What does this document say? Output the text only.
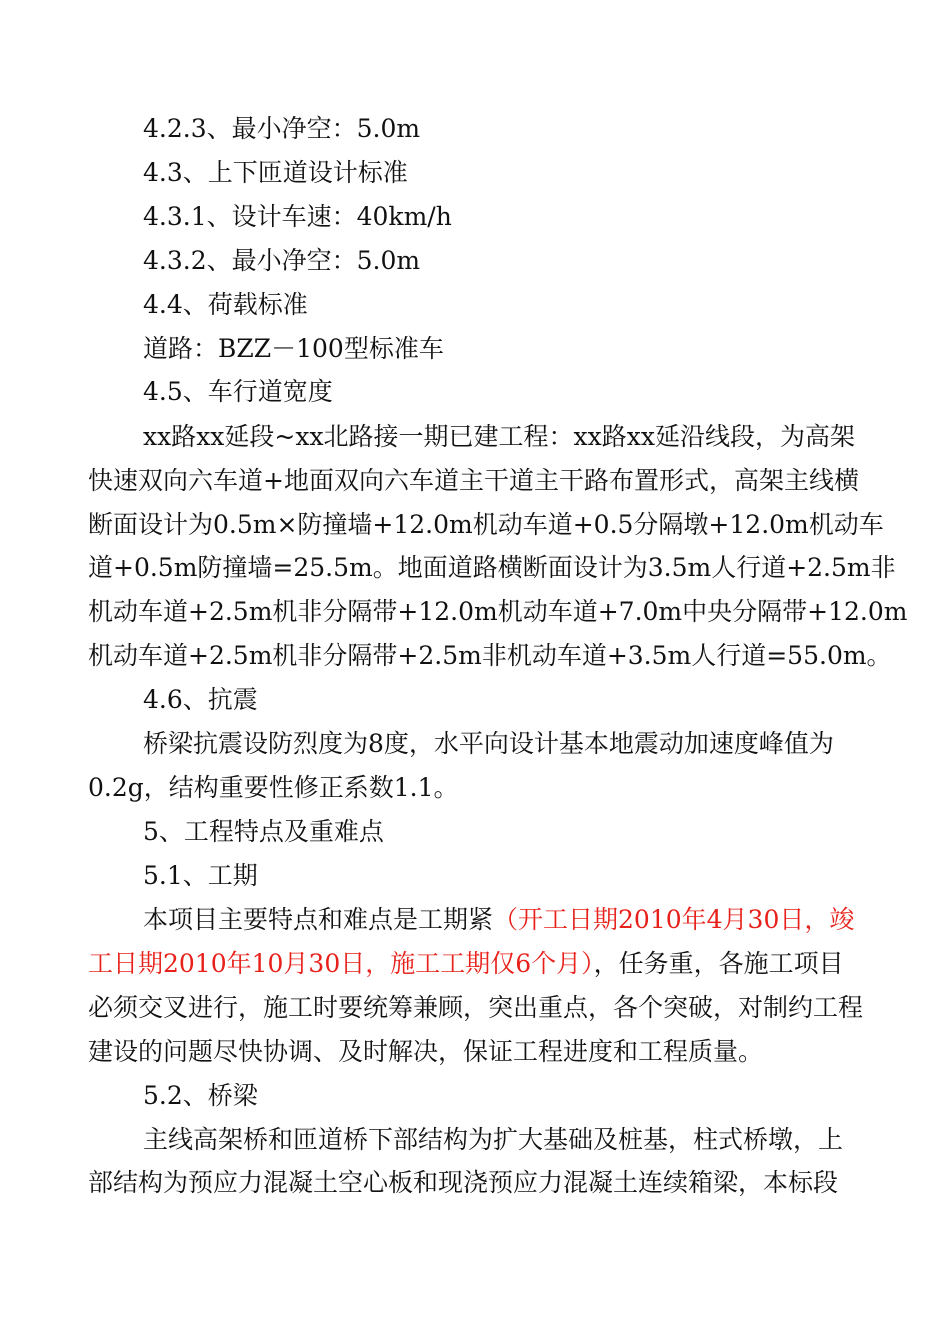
4.2.3、最小净空：5.0m
4.3、上下匝道设计标准
4.3.1、设计车速：40km/h
4.3.2、最小净空：5.0m
4.4、荷载标准
道路：BZZ－100型标准车
4.5、车行道宽度
xx路xx延段~xx北路接一期已建工程：xx路xx延沿线段，为高架
快速双向六车道+地面双向六车道主干道主干路布置形式，高架主线横
断面设计为0.5m×防撞墙+12.0m机动车道+0.5分隔墩+12.0m机动车
道+0.5m防撞墙=25.5m。地面道路横断面设计为3.5m人行道+2.5m非
机动车道+2.5m机非分隔带+12.0m机动车道+7.0m中央分隔带+12.0m
机动车道+2.5m机非分隔带+2.5m非机动车道+3.5m人行道=55.0m。
4.6、抗震
桥梁抗震设防烈度为8度，水平向设计基本地震动加速度峰值为
0.2g，结构重要性修正系数1.1。
5、工程特点及重难点
5.1、工期
本项目主要特点和难点是工期紧（开工日期2010年4月30日，竣
工日期2010年10月30日，施工工期仅6个月），任务重，各施工项目
必须交叉进行，施工时要统筹兼顾，突出重点，各个突破，对制约工程
建设的问题尽快协调、及时解决，保证工程进度和工程质量。
5.2、桥梁
主线高架桥和匝道桥下部结构为扩大基础及桩基，柱式桥墩，上
部结构为预应力混凝土空心板和现浇预应力混凝土连续箱梁，本标段
